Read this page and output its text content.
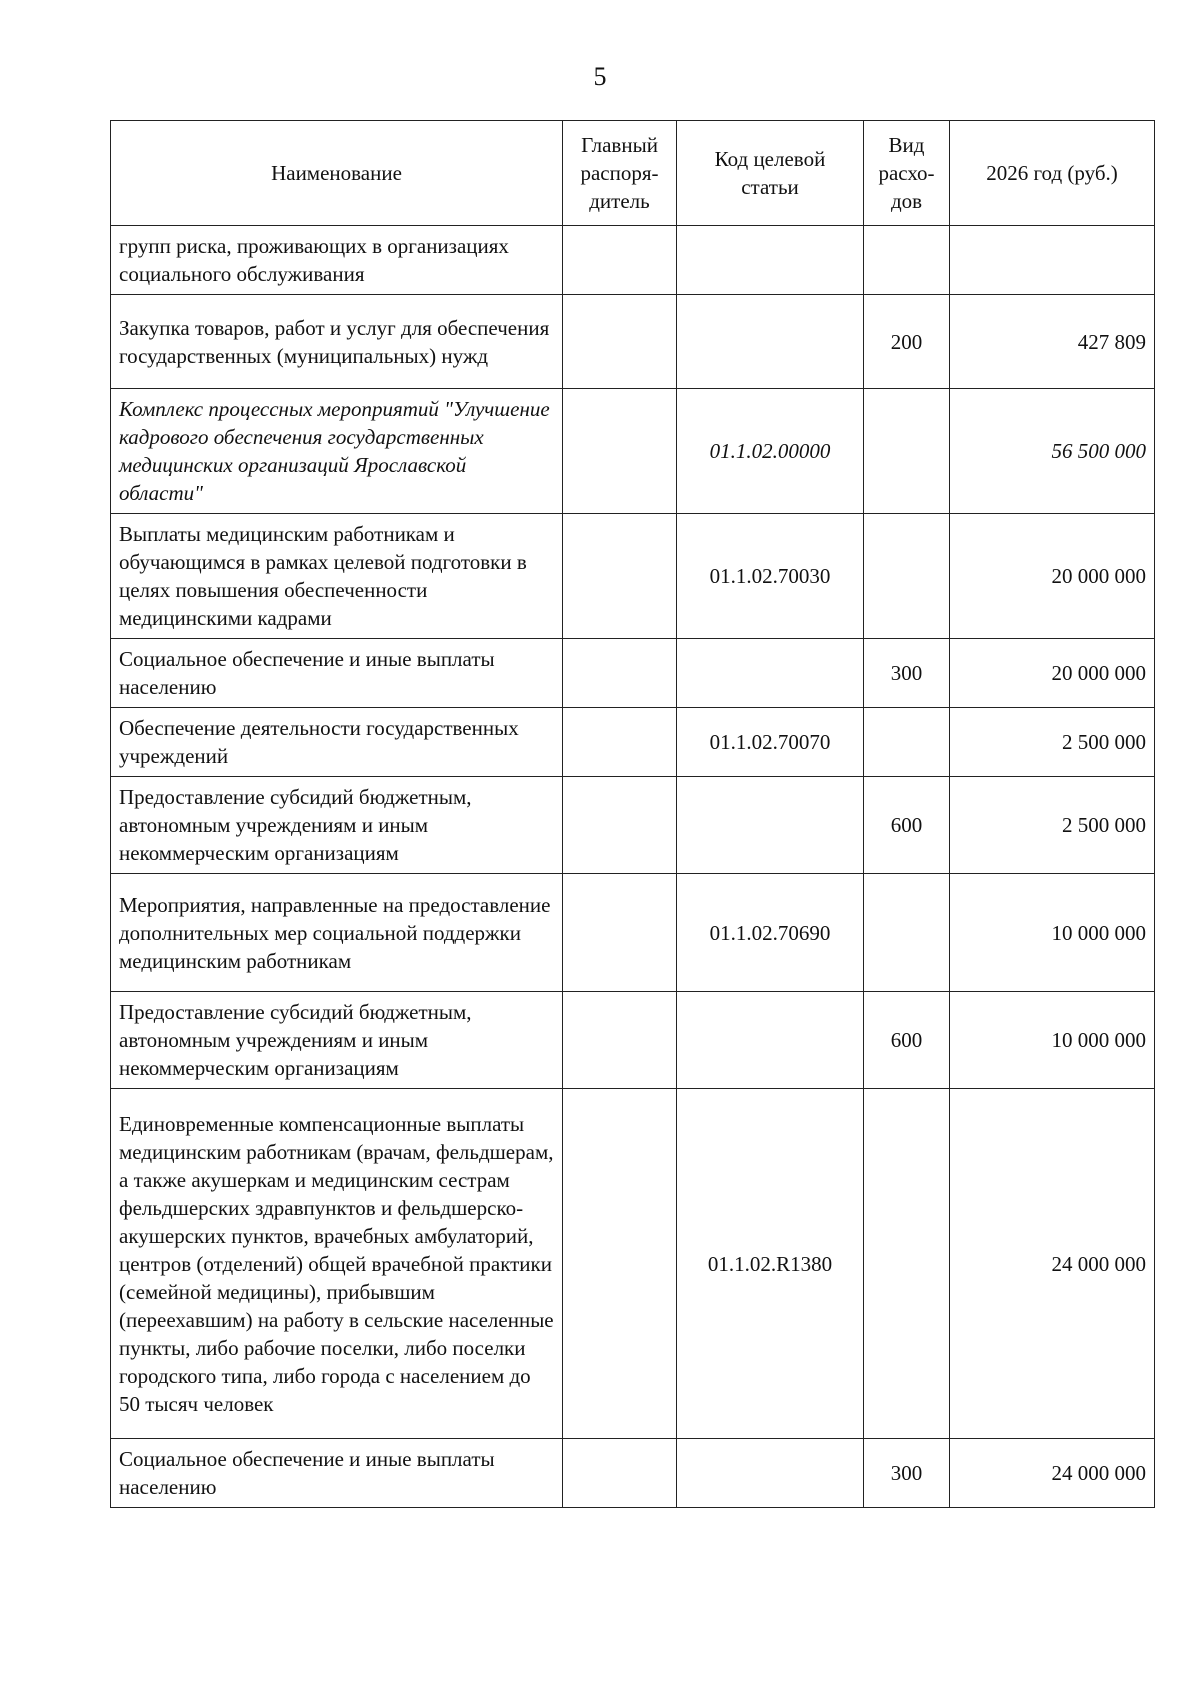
5
Наименование	Главный распоря-дитель	Код целевой статьи	Вид расхо-дов	2026 год (руб.)
групп риска, проживающих в организациях социального обслуживания				
Закупка товаров, работ и услуг для обеспечения государственных (муниципальных) нужд			200	427 809
Комплекс процессных мероприятий "Улучшение кадрового обеспечения государственных медицинских организаций Ярославской области"		01.1.02.00000		56 500 000
Выплаты медицинским работникам и обучающимся в рамках целевой подготовки в целях повышения обеспеченности медицинскими кадрами		01.1.02.70030		20 000 000
Социальное обеспечение и иные выплаты населению			300	20 000 000
Обеспечение деятельности государственных учреждений		01.1.02.70070		2 500 000
Предоставление субсидий бюджетным, автономным учреждениям и иным некоммерческим организациям			600	2 500 000
Мероприятия, направленные на предоставление дополнительных мер социальной поддержки медицинским работникам		01.1.02.70690		10 000 000
Предоставление субсидий бюджетным, автономным учреждениям и иным некоммерческим организациям			600	10 000 000
Единовременные компенсационные выплаты медицинским работникам (врачам, фельдшерам, а также акушеркам и медицинским сестрам фельдшерских здравпунктов и фельдшерско-акушерских пунктов, врачебных амбулаторий, центров (отделений) общей врачебной практики (семейной медицины), прибывшим (переехавшим) на работу в сельские населенные пункты, либо рабочие поселки, либо поселки городского типа, либо города с населением до 50 тысяч человек		01.1.02.R1380		24 000 000
Социальное обеспечение и иные выплаты населению			300	24 000 000
